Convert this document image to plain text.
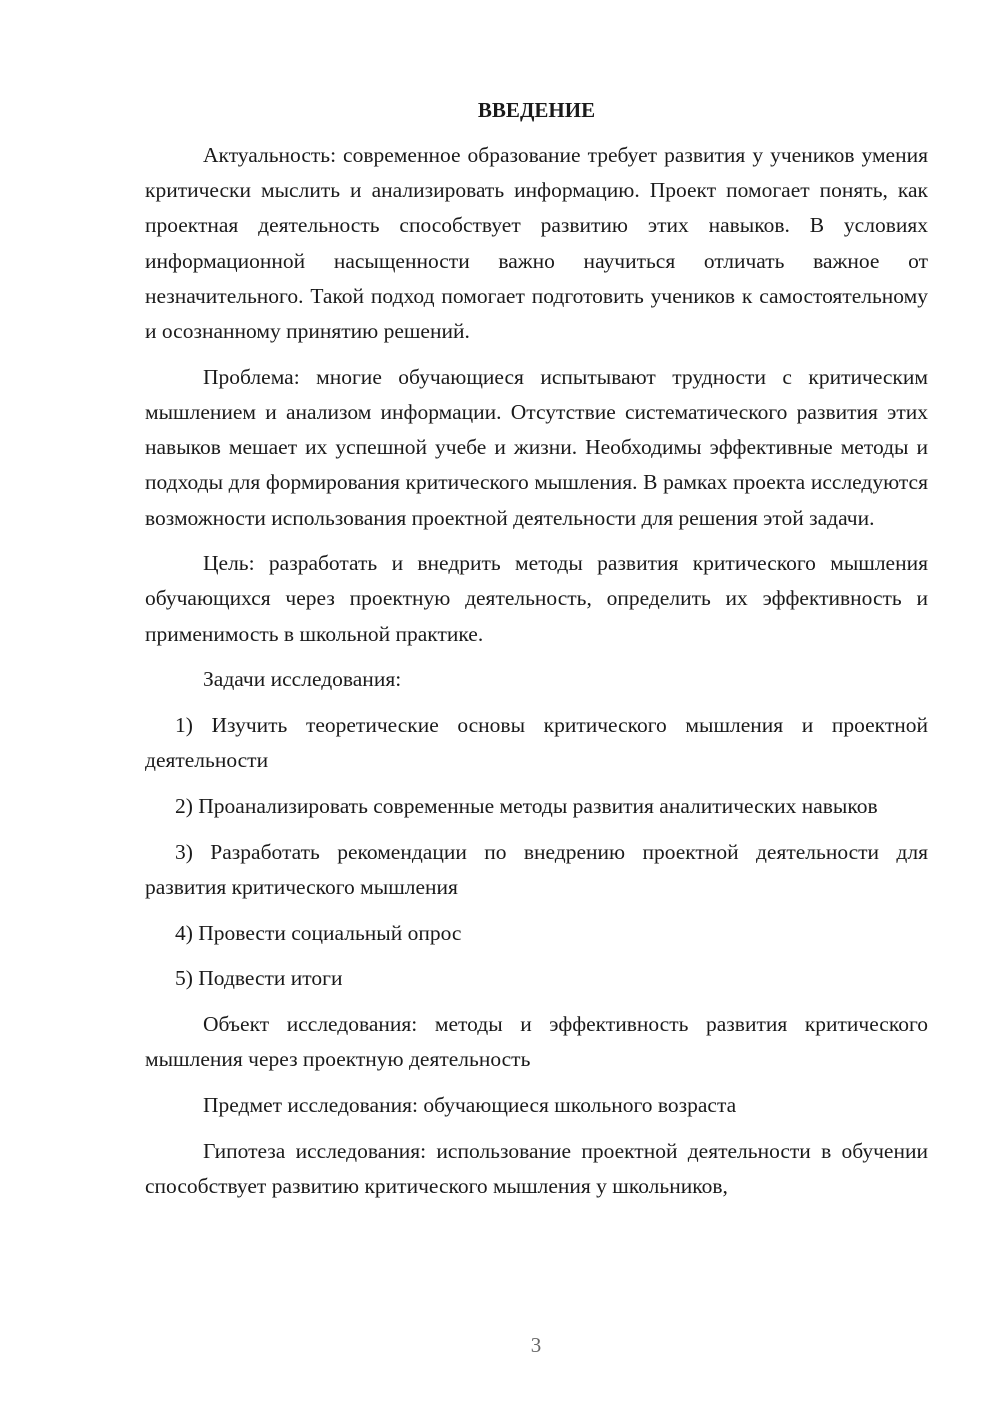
ВВЕДЕНИЕ

Актуальность: современное образование требует развития у учеников умения критически мыслить и анализировать информацию. Проект помогает понять, как проектная деятельность способствует развитию этих навыков. В условиях информационной насыщенности важно научиться отличать важное от незначительного. Такой подход помогает подготовить учеников к самостоятельному и осознанному принятию решений.

Проблема: многие обучающиеся испытывают трудности с критическим мышлением и анализом информации. Отсутствие систематического развития этих навыков мешает их успешной учебе и жизни. Необходимы эффективные методы и подходы для формирования критического мышления. В рамках проекта исследуются возможности использования проектной деятельности для решения этой задачи.

Цель: разработать и внедрить методы развития критического мышления обучающихся через проектную деятельность, определить их эффективность и применимость в школьной практике.

Задачи исследования:

1) Изучить теоретические основы критического мышления и проектной деятельности

2) Проанализировать современные методы развития аналитических навыков

3) Разработать рекомендации по внедрению проектной деятельности для развития критического мышления

4) Провести социальный опрос

5) Подвести итоги

Объект исследования: методы и эффективность развития критического мышления через проектную деятельность

Предмет исследования: обучающиеся школьного возраста

Гипотеза исследования: использование проектной деятельности в обучении способствует развитию критического мышления у школьников,

3
